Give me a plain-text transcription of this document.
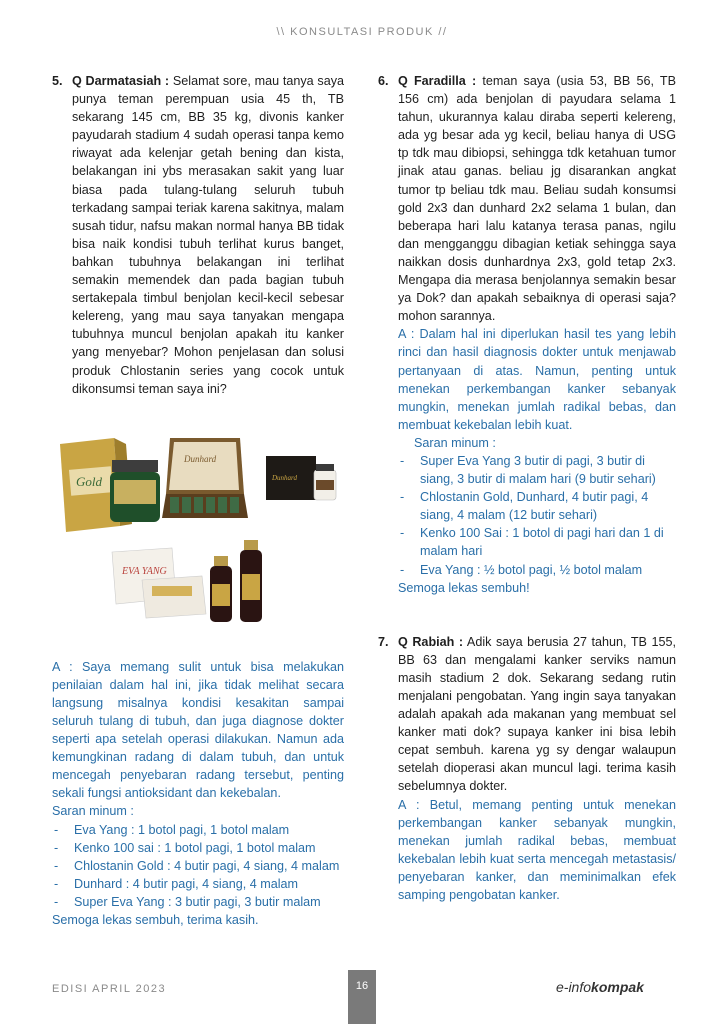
\\ KONSULTASI PRODUK //
5. Q Darmatasiah : Selamat sore, mau tanya saya punya teman perempuan usia 45 th, TB sekarang 145 cm, BB 35 kg, divonis kanker payudarah stadium 4 sudah operasi tanpa kemo riwayat ada kelenjar getah bening dan kista, belakangan ini ybs merasakan sakit yang luar biasa pada tulang-tulang seluruh tubuh terkadang sampai teriak karena sakitnya, malam susah tidur, nafsu makan normal hanya BB tidak bisa naik kondisi tubuh terlihat kurus banget, bahkan tubuhnya belakangan ini terlihat semakin memendek dan pada bagian tubuh sertakepala timbul benjolan kecil-kecil sebesar kelereng, yang mau saya tanyakan mengapa tubuhnya muncul benjolan apakah itu kanker yang menyebar? Mohon penjelasan dan solusi produk Chlostanin series yang cocok untuk dikonsumsi teman saya ini?
Gold
Dunhard
Dunhard
EVA YANG
A : Saya memang sulit untuk bisa melakukan penilaian dalam hal ini, jika tidak melihat secara langsung misalnya kondisi kesakitan sampai seluruh tulang di tubuh, dan juga diagnose dokter seperti apa setelah operasi dilakukan. Namun ada kemungkinan radang di dalam tubuh, dan untuk mencegah penyebaran radang tersebut, penting sekali fungsi antioksidant dan kekebalan.
Saran minum :
- Eva Yang : 1 botol pagi, 1 botol malam
- Kenko 100 sai : 1 botol pagi, 1 botol malam
- Chlostanin Gold : 4 butir pagi, 4 siang, 4 malam
- Dunhard : 4 butir pagi, 4 siang, 4 malam
- Super Eva Yang : 3 butir pagi, 3 butir malam
Semoga lekas sembuh, terima kasih.
6. Q Faradilla : teman saya (usia 53, BB 56, TB 156 cm) ada benjolan di payudara selama 1 tahun, ukurannya kalau diraba seperti kelereng, ada yg besar ada yg kecil, beliau hanya di USG tp tdk mau dibiopsi, sehingga tdk ketahuan tumor jinak atau ganas. beliau jg disarankan angkat tumor tp beliau tdk mau. Beliau sudah konsumsi gold 2x3 dan dunhard 2x2 selama 1 bulan, dan beberapa hari lalu katanya terasa panas, ngilu dan mengganggu dibagian ketiak sehingga saya naikkan dosis dunhardnya 2x3, gold tetap 2x3. Mengapa dia merasa benjolannya semakin besar ya Dok? dan apakah sebaiknya di operasi saja? mohon sarannya.
A : Dalam hal ini diperlukan hasil tes yang lebih rinci dan hasil diagnosis dokter untuk menjawab pertanyaan di atas. Namun, penting untuk menekan perkembangan kanker sebanyak mungkin, menekan jumlah radikal bebas, dan membuat kekebalan lebih kuat.
Saran minum :
- Super Eva Yang 3 butir di pagi, 3 butir di siang, 3 butir di malam hari (9 butir sehari)
- Chlostanin Gold, Dunhard, 4 butir pagi, 4 siang, 4 malam (12 butir sehari)
- Kenko 100 Sai : 1 botol di pagi hari dan 1 di malam hari
- Eva Yang : ½ botol pagi, ½ botol malam
Semoga lekas sembuh!
7. Q Rabiah : Adik saya berusia 27 tahun, TB 155, BB 63 dan mengalami kanker serviks namun masih stadium 2 dok. Sekarang sedang rutin menjalani pengobatan. Yang ingin saya tanyakan adalah apakah ada makanan yang membuat sel kanker mati dok? supaya kanker ini bisa lebih cepat sembuh. karena yg sy dengar walaupun setelah dioperasi akan muncul lagi. terima kasih sebelumnya dokter.
A : Betul, memang penting untuk menekan perkembangan kanker sebanyak mungkin, menekan jumlah radikal bebas, membuat kekebalan lebih kuat serta mencegah metastasis/ penyebaran kanker, dan meminimalkan efek samping pengobatan kanker.
EDISI APRIL 2023	16	e-infokompak
